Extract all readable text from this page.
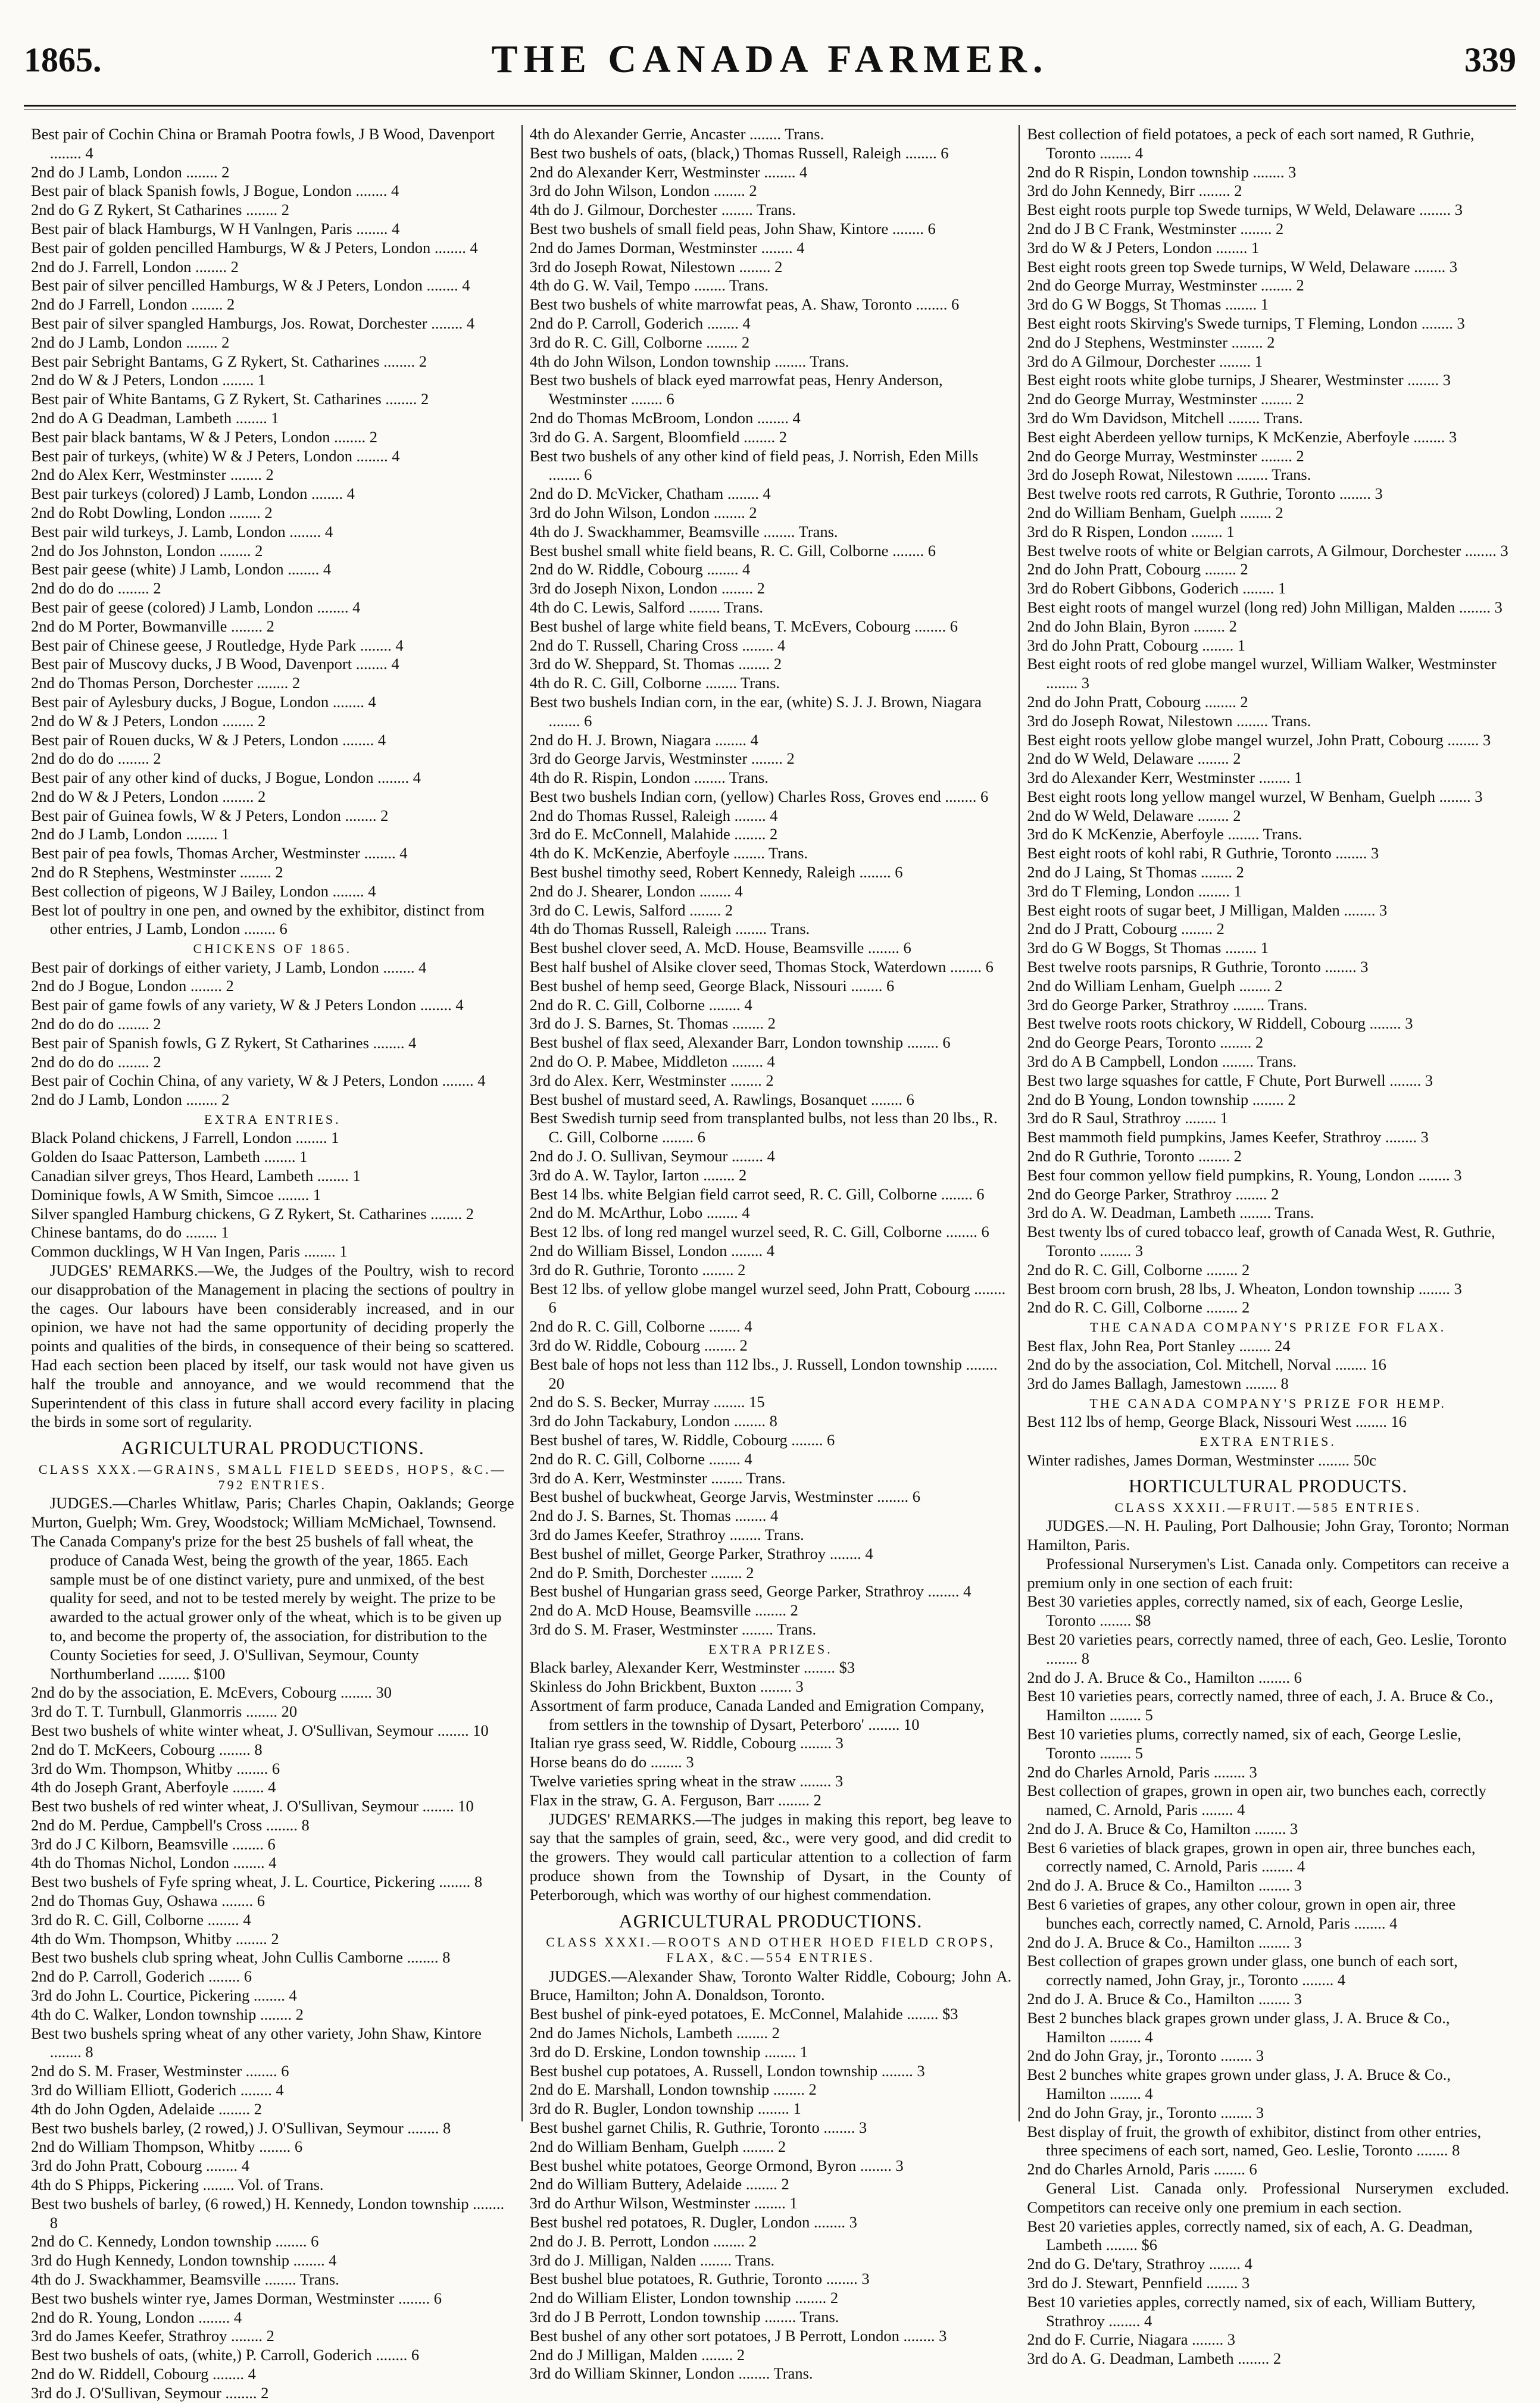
1865.	THE CANADA FARMER.	339
Best pair of Cochin China or Bramah Pootra fowls, J B Wood, Davenport ........ 4
2nd do J Lamb, London ........ 2
Best pair of black Spanish fowls, J Bogue, London ........ 4
2nd do G Z Rykert, St Catharines ........ 2
Best pair of black Hamburgs, W H Vanlngen, Paris ........ 4
Best pair of golden pencilled Hamburgs, W & J Peters, London ........ 4
2nd do J. Farrell, London ........ 2
Best pair of silver pencilled Hamburgs, W & J Peters, London ........ 4
2nd do J Farrell, London ........ 2
Best pair of silver spangled Hamburgs, Jos. Rowat, Dorchester ........ 4
2nd do J Lamb, London ........ 2
Best pair Sebright Bantams, G Z Rykert, St. Catharines ........ 2
2nd do W & J Peters, London ........ 1
Best pair of White Bantams, G Z Rykert, St. Catharines ........ 2
2nd do A G Deadman, Lambeth ........ 1
Best pair black bantams, W & J Peters, London ........ 2
Best pair of turkeys, (white) W & J Peters, London ........ 4
2nd do Alex Kerr, Westminster ........ 2
Best pair turkeys (colored) J Lamb, London ........ 4
2nd do Robt Dowling, London ........ 2
Best pair wild turkeys, J. Lamb, London ........ 4
2nd do Jos Johnston, London ........ 2
Best pair geese (white) J Lamb, London ........ 4
2nd do do do ........ 2
Best pair of geese (colored) J Lamb, London ........ 4
2nd do M Porter, Bowmanville ........ 2
Best pair of Chinese geese, J Routledge, Hyde Park ........ 4
Best pair of Muscovy ducks, J B Wood, Davenport ........ 4
2nd do Thomas Person, Dorchester ........ 2
Best pair of Aylesbury ducks, J Bogue, London ........ 4
2nd do W & J Peters, London ........ 2
Best pair of Rouen ducks, W & J Peters, London ........ 4
2nd do do do ........ 2
Best pair of any other kind of ducks, J Bogue, London ........ 4
2nd do W & J Peters, London ........ 2
Best pair of Guinea fowls, W & J Peters, London ........ 2
2nd do J Lamb, London ........ 1
Best pair of pea fowls, Thomas Archer, Westminster ........ 4
2nd do R Stephens, Westminster ........ 2
Best collection of pigeons, W J Bailey, London ........ 4
Best lot of poultry in one pen, and owned by the exhibitor, distinct from other entries, J Lamb, London ........ 6
CHICKENS OF 1865.
Best pair of dorkings of either variety, J Lamb, London ........ 4
2nd do J Bogue, London ........ 2
Best pair of game fowls of any variety, W & J Peters London ........ 4
2nd do do do ........ 2
Best pair of Spanish fowls, G Z Rykert, St Catharines ........ 4
2nd do do do ........ 2
Best pair of Cochin China, of any variety, W & J Peters, London ........ 4
2nd do J Lamb, London ........ 2
EXTRA ENTRIES.
Black Poland chickens, J Farrell, London ........ 1
Golden do Isaac Patterson, Lambeth ........ 1
Canadian silver greys, Thos Heard, Lambeth ........ 1
Dominique fowls, A W Smith, Simcoe ........ 1
Silver spangled Hamburg chickens, G Z Rykert, St. Catharines ........ 2
Chinese bantams, do do ........ 1
Common ducklings, W H Van Ingen, Paris ........ 1
JUDGES' REMARKS.—We, the Judges of the Poultry, wish to record our disapprobation of the Management in placing the sections of poultry in the cages. Our labours have been considerably increased, and in our opinion, we have not had the same opportunity of deciding properly the points and qualities of the birds, in consequence of their being so scattered. Had each section been placed by itself, our task would not have given us half the trouble and annoyance, and we would recommend that the Superintendent of this class in future shall accord every facility in placing the birds in some sort of regularity.
AGRICULTURAL PRODUCTIONS.
CLASS XXX.—GRAINS, SMALL FIELD SEEDS, HOPS, &C.—792 ENTRIES.
JUDGES.—Charles Whitlaw, Paris; Charles Chapin, Oaklands; George Murton, Guelph; Wm. Grey, Woodstock; William McMichael, Townsend.
The Canada Company's prize for the best 25 bushels of fall wheat, the produce of Canada West, being the growth of the year, 1865. Each sample must be of one distinct variety, pure and unmixed, of the best quality for seed, and not to be tested merely by weight. The prize to be awarded to the actual grower only of the wheat, which is to be given up to, and become the property of, the association, for distribution to the County Societies for seed, J. O'Sullivan, Seymour, County Northumberland ........ $100
2nd do by the association, E. McEvers, Cobourg ........ 30
3rd do T. T. Turnbull, Glanmorris ........ 20
Best two bushels of white winter wheat, J. O'Sullivan, Seymour ........ 10
2nd do T. McKeers, Cobourg ........ 8
3rd do Wm. Thompson, Whitby ........ 6
4th do Joseph Grant, Aberfoyle ........ 4
Best two bushels of red winter wheat, J. O'Sullivan, Seymour ........ 10
2nd do M. Perdue, Campbell's Cross ........ 8
3rd do J C Kilborn, Beamsville ........ 6
4th do Thomas Nichol, London ........ 4
Best two bushels of Fyfe spring wheat, J. L. Courtice, Pickering ........ 8
2nd do Thomas Guy, Oshawa ........ 6
3rd do R. C. Gill, Colborne ........ 4
4th do Wm. Thompson, Whitby ........ 2
Best two bushels club spring wheat, John Cullis Camborne ........ 8
2nd do P. Carroll, Goderich ........ 6
3rd do John L. Courtice, Pickering ........ 4
4th do C. Walker, London township ........ 2
Best two bushels spring wheat of any other variety, John Shaw, Kintore ........ 8
2nd do S. M. Fraser, Westminster ........ 6
3rd do William Elliott, Goderich ........ 4
4th do John Ogden, Adelaide ........ 2
Best two bushels barley, (2 rowed,) J. O'Sullivan, Seymour ........ 8
2nd do William Thompson, Whitby ........ 6
3rd do John Pratt, Cobourg ........ 4
4th do S Phipps, Pickering ........ Vol. of Trans.
Best two bushels of barley, (6 rowed,) H. Kennedy, London township ........ 8
2nd do C. Kennedy, London township ........ 6
3rd do Hugh Kennedy, London township ........ 4
4th do J. Swackhammer, Beamsville ........ Trans.
Best two bushels winter rye, James Dorman, Westminster ........ 6
2nd do R. Young, London ........ 4
3rd do James Keefer, Strathroy ........ 2
Best two bushels of oats, (white,) P. Carroll, Goderich ........ 6
2nd do W. Riddell, Cobourg ........ 4
3rd do J. O'Sullivan, Seymour ........ 2
4th do Alexander Gerrie, Ancaster ........ Trans.
Best two bushels of oats, (black,) Thomas Russell, Raleigh ........ 6
2nd do Alexander Kerr, Westminster ........ 4
3rd do John Wilson, London ........ 2
4th do J. Gilmour, Dorchester ........ Trans.
Best two bushels of small field peas, John Shaw, Kintore ........ 6
2nd do James Dorman, Westminster ........ 4
3rd do Joseph Rowat, Nilestown ........ 2
4th do G. W. Vail, Tempo ........ Trans.
Best two bushels of white marrowfat peas, A. Shaw, Toronto ........ 6
2nd do P. Carroll, Goderich ........ 4
3rd do R. C. Gill, Colborne ........ 2
4th do John Wilson, London township ........ Trans.
Best two bushels of black eyed marrowfat peas, Henry Anderson, Westminster ........ 6
2nd do Thomas McBroom, London ........ 4
3rd do G. A. Sargent, Bloomfield ........ 2
Best two bushels of any other kind of field peas, J. Norrish, Eden Mills ........ 6
2nd do D. McVicker, Chatham ........ 4
3rd do John Wilson, London ........ 2
4th do J. Swackhammer, Beamsville ........ Trans.
Best bushel small white field beans, R. C. Gill, Colborne ........ 6
2nd do W. Riddle, Cobourg ........ 4
3rd do Joseph Nixon, London ........ 2
4th do C. Lewis, Salford ........ Trans.
Best bushel of large white field beans, T. McEvers, Cobourg ........ 6
2nd do T. Russell, Charing Cross ........ 4
3rd do W. Sheppard, St. Thomas ........ 2
4th do R. C. Gill, Colborne ........ Trans.
Best two bushels Indian corn, in the ear, (white) S. J. J. Brown, Niagara ........ 6
2nd do H. J. Brown, Niagara ........ 4
3rd do George Jarvis, Westminster ........ 2
4th do R. Rispin, London ........ Trans.
Best two bushels Indian corn, (yellow) Charles Ross, Groves end ........ 6
2nd do Thomas Russel, Raleigh ........ 4
3rd do E. McConnell, Malahide ........ 2
4th do K. McKenzie, Aberfoyle ........ Trans.
Best bushel timothy seed, Robert Kennedy, Raleigh ........ 6
2nd do J. Shearer, London ........ 4
3rd do C. Lewis, Salford ........ 2
4th do Thomas Russell, Raleigh ........ Trans.
Best bushel clover seed, A. McD. House, Beamsville ........ 6
Best half bushel of Alsike clover seed, Thomas Stock, Waterdown ........ 6
Best bushel of hemp seed, George Black, Nissouri ........ 6
2nd do R. C. Gill, Colborne ........ 4
3rd do J. S. Barnes, St. Thomas ........ 2
Best bushel of flax seed, Alexander Barr, London township ........ 6
2nd do O. P. Mabee, Middleton ........ 4
3rd do Alex. Kerr, Westminster ........ 2
Best bushel of mustard seed, A. Rawlings, Bosanquet ........ 6
Best Swedish turnip seed from transplanted bulbs, not less than 20 lbs., R. C. Gill, Colborne ........ 6
2nd do J. O. Sullivan, Seymour ........ 4
3rd do A. W. Taylor, Iarton ........ 2
Best 14 lbs. white Belgian field carrot seed, R. C. Gill, Colborne ........ 6
2nd do M. McArthur, Lobo ........ 4
Best 12 lbs. of long red mangel wurzel seed, R. C. Gill, Colborne ........ 6
2nd do William Bissel, London ........ 4
3rd do R. Guthrie, Toronto ........ 2
Best 12 lbs. of yellow globe mangel wurzel seed, John Pratt, Cobourg ........ 6
2nd do R. C. Gill, Colborne ........ 4
3rd do W. Riddle, Cobourg ........ 2
Best bale of hops not less than 112 lbs., J. Russell, London township ........ 20
2nd do S. S. Becker, Murray ........ 15
3rd do John Tackabury, London ........ 8
Best bushel of tares, W. Riddle, Cobourg ........ 6
2nd do R. C. Gill, Colborne ........ 4
3rd do A. Kerr, Westminster ........ Trans.
Best bushel of buckwheat, George Jarvis, Westminster ........ 6
2nd do J. S. Barnes, St. Thomas ........ 4
3rd do James Keefer, Strathroy ........ Trans.
Best bushel of millet, George Parker, Strathroy ........ 4
2nd do P. Smith, Dorchester ........ 2
Best bushel of Hungarian grass seed, George Parker, Strathroy ........ 4
2nd do A. McD House, Beamsville ........ 2
3rd do S. M. Fraser, Westminster ........ Trans.
EXTRA PRIZES.
Black barley, Alexander Kerr, Westminster ........ $3
Skinless do John Brickbent, Buxton ........ 3
Assortment of farm produce, Canada Landed and Emigration Company, from settlers in the township of Dysart, Peterboro' ........ 10
Italian rye grass seed, W. Riddle, Cobourg ........ 3
Horse beans do do ........ 3
Twelve varieties spring wheat in the straw ........ 3
Flax in the straw, G. A. Ferguson, Barr ........ 2
JUDGES' REMARKS.—The judges in making this report, beg leave to say that the samples of grain, seed, &c., were very good, and did credit to the growers. They would call particular attention to a collection of farm produce shown from the Township of Dysart, in the County of Peterborough, which was worthy of our highest commendation.
AGRICULTURAL PRODUCTIONS.
CLASS XXXI.—ROOTS AND OTHER HOED FIELD CROPS, FLAX, &C.—554 ENTRIES.
JUDGES.—Alexander Shaw, Toronto Walter Riddle, Cobourg; John A. Bruce, Hamilton; John A. Donaldson, Toronto.
Best bushel of pink-eyed potatoes, E. McConnel, Malahide ........ $3
2nd do James Nichols, Lambeth ........ 2
3rd do D. Erskine, London township ........ 1
Best bushel cup potatoes, A. Russell, London township ........ 3
2nd do E. Marshall, London township ........ 2
3rd do R. Bugler, London township ........ 1
Best bushel garnet Chilis, R. Guthrie, Toronto ........ 3
2nd do William Benham, Guelph ........ 2
Best bushel white potatoes, George Ormond, Byron ........ 3
2nd do William Buttery, Adelaide ........ 2
3rd do Arthur Wilson, Westminster ........ 1
Best bushel red potatoes, R. Dugler, London ........ 3
2nd do J. B. Perrott, London ........ 2
3rd do J. Milligan, Nalden ........ Trans.
Best bushel blue potatoes, R. Guthrie, Toronto ........ 3
2nd do William Elister, London township ........ 2
3rd do J B Perrott, London township ........ Trans.
Best bushel of any other sort potatoes, J B Perrott, London ........ 3
2nd do J Milligan, Malden ........ 2
3rd do William Skinner, London ........ Trans.
Best collection of field potatoes, a peck of each sort named, R Guthrie, Toronto ........ 4
2nd do R Rispin, London township ........ 3
3rd do John Kennedy, Birr ........ 2
Best eight roots purple top Swede turnips, W Weld, Delaware ........ 3
2nd do J B C Frank, Westminster ........ 2
3rd do W & J Peters, London ........ 1
Best eight roots green top Swede turnips, W Weld, Delaware ........ 3
2nd do George Murray, Westminster ........ 2
3rd do G W Boggs, St Thomas ........ 1
Best eight roots Skirving's Swede turnips, T Fleming, London ........ 3
2nd do J Stephens, Westminster ........ 2
3rd do A Gilmour, Dorchester ........ 1
Best eight roots white globe turnips, J Shearer, Westminster ........ 3
2nd do George Murray, Westminster ........ 2
3rd do Wm Davidson, Mitchell ........ Trans.
Best eight Aberdeen yellow turnips, K McKenzie, Aberfoyle ........ 3
2nd do George Murray, Westminster ........ 2
3rd do Joseph Rowat, Nilestown ........ Trans.
Best twelve roots red carrots, R Guthrie, Toronto ........ 3
2nd do William Benham, Guelph ........ 2
3rd do R Rispen, London ........ 1
Best twelve roots of white or Belgian carrots, A Gilmour, Dorchester ........ 3
2nd do John Pratt, Cobourg ........ 2
3rd do Robert Gibbons, Goderich ........ 1
Best eight roots of mangel wurzel (long red) John Milligan, Malden ........ 3
2nd do John Blain, Byron ........ 2
3rd do John Pratt, Cobourg ........ 1
Best eight roots of red globe mangel wurzel, William Walker, Westminster ........ 3
2nd do John Pratt, Cobourg ........ 2
3rd do Joseph Rowat, Nilestown ........ Trans.
Best eight roots yellow globe mangel wurzel, John Pratt, Cobourg ........ 3
2nd do W Weld, Delaware ........ 2
3rd do Alexander Kerr, Westminster ........ 1
Best eight roots long yellow mangel wurzel, W Benham, Guelph ........ 3
2nd do W Weld, Delaware ........ 2
3rd do K McKenzie, Aberfoyle ........ Trans.
Best eight roots of kohl rabi, R Guthrie, Toronto ........ 3
2nd do J Laing, St Thomas ........ 2
3rd do T Fleming, London ........ 1
Best eight roots of sugar beet, J Milligan, Malden ........ 3
2nd do J Pratt, Cobourg ........ 2
3rd do G W Boggs, St Thomas ........ 1
Best twelve roots parsnips, R Guthrie, Toronto ........ 3
2nd do William Lenham, Guelph ........ 2
3rd do George Parker, Strathroy ........ Trans.
Best twelve roots roots chickory, W Riddell, Cobourg ........ 3
2nd do George Pears, Toronto ........ 2
3rd do A B Campbell, London ........ Trans.
Best two large squashes for cattle, F Chute, Port Burwell ........ 3
2nd do B Young, London township ........ 2
3rd do R Saul, Strathroy ........ 1
Best mammoth field pumpkins, James Keefer, Strathroy ........ 3
2nd do R Guthrie, Toronto ........ 2
Best four common yellow field pumpkins, R. Young, London ........ 3
2nd do George Parker, Strathroy ........ 2
3rd do A. W. Deadman, Lambeth ........ Trans.
Best twenty lbs of cured tobacco leaf, growth of Canada West, R. Guthrie, Toronto ........ 3
2nd do R. C. Gill, Colborne ........ 2
Best broom corn brush, 28 lbs, J. Wheaton, London township ........ 3
2nd do R. C. Gill, Colborne ........ 2
THE CANADA COMPANY'S PRIZE FOR FLAX.
Best flax, John Rea, Port Stanley ........ 24
2nd do by the association, Col. Mitchell, Norval ........ 16
3rd do James Ballagh, Jamestown ........ 8
THE CANADA COMPANY'S PRIZE FOR HEMP.
Best 112 lbs of hemp, George Black, Nissouri West ........ 16
EXTRA ENTRIES.
Winter radishes, James Dorman, Westminster ........ 50c
HORTICULTURAL PRODUCTS.
CLASS XXXII.—FRUIT.—585 ENTRIES.
JUDGES.—N. H. Pauling, Port Dalhousie; John Gray, Toronto; Norman Hamilton, Paris.
Professional Nurserymen's List. Canada only. Competitors can receive a premium only in one section of each fruit:
Best 30 varieties apples, correctly named, six of each, George Leslie, Toronto ........ $8
Best 20 varieties pears, correctly named, three of each, Geo. Leslie, Toronto ........ 8
2nd do J. A. Bruce & Co., Hamilton ........ 6
Best 10 varieties pears, correctly named, three of each, J. A. Bruce & Co., Hamilton ........ 5
Best 10 varieties plums, correctly named, six of each, George Leslie, Toronto ........ 5
2nd do Charles Arnold, Paris ........ 3
Best collection of grapes, grown in open air, two bunches each, correctly named, C. Arnold, Paris ........ 4
2nd do J. A. Bruce & Co, Hamilton ........ 3
Best 6 varieties of black grapes, grown in open air, three bunches each, correctly named, C. Arnold, Paris ........ 4
2nd do J. A. Bruce & Co., Hamilton ........ 3
Best 6 varieties of grapes, any other colour, grown in open air, three bunches each, correctly named, C. Arnold, Paris ........ 4
2nd do J. A. Bruce & Co., Hamilton ........ 3
Best collection of grapes grown under glass, one bunch of each sort, correctly named, John Gray, jr., Toronto ........ 4
2nd do J. A. Bruce & Co., Hamilton ........ 3
Best 2 bunches black grapes grown under glass, J. A. Bruce & Co., Hamilton ........ 4
2nd do John Gray, jr., Toronto ........ 3
Best 2 bunches white grapes grown under glass, J. A. Bruce & Co., Hamilton ........ 4
2nd do John Gray, jr., Toronto ........ 3
Best display of fruit, the growth of exhibitor, distinct from other entries, three specimens of each sort, named, Geo. Leslie, Toronto ........ 8
2nd do Charles Arnold, Paris ........ 6
General List. Canada only. Professional Nurserymen excluded. Competitors can receive only one premium in each section.
Best 20 varieties apples, correctly named, six of each, A. G. Deadman, Lambeth ........ $6
2nd do G. De'tary, Strathroy ........ 4
3rd do J. Stewart, Pennfield ........ 3
Best 10 varieties apples, correctly named, six of each, William Buttery, Strathroy ........ 4
2nd do F. Currie, Niagara ........ 3
3rd do A. G. Deadman, Lambeth ........ 2
